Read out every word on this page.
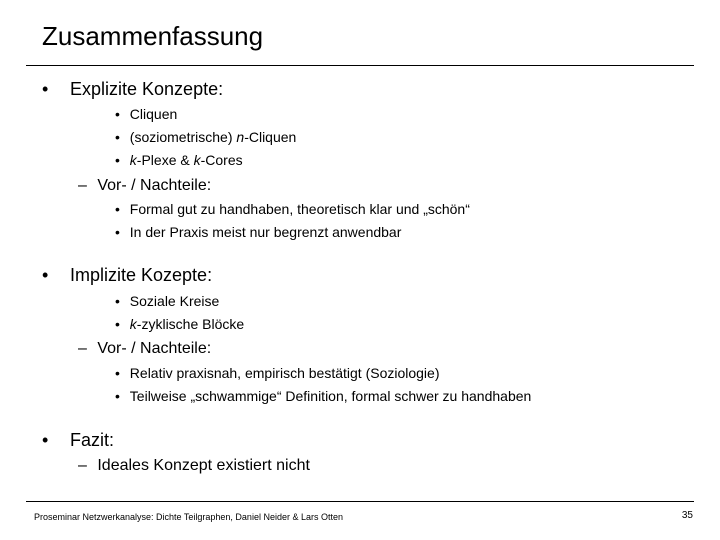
Zusammenfassung
• Explizite Konzepte:
• Cliquen
• (soziometrische) n-Cliquen
• k-Plexe & k-Cores
– Vor- / Nachteile:
• Formal gut zu handhaben, theoretisch klar und „schön“
• In der Praxis meist nur begrenzt anwendbar
• Implizite Kozepte:
• Soziale Kreise
• k-zyklische Blöcke
– Vor- / Nachteile:
• Relativ praxisnah, empirisch bestätigt (Soziologie)
• Teilweise „schwammige“ Definition, formal schwer zu handhaben
• Fazit:
– Ideales Konzept existiert nicht
Proseminar Netzwerkanalyse: Dichte Teilgraphen, Daniel Neider & Lars Otten	35
